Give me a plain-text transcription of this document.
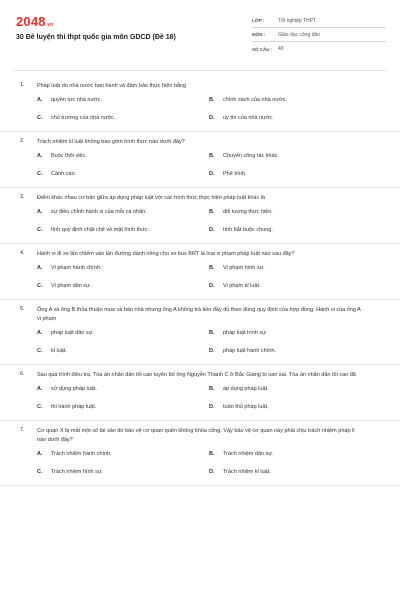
2048.vn
30 Đề luyện thi thpt quốc gia môn GDCD (Đề 18)
LỚP :	Tốt nghiệp THPT
MÔN :	Giáo dục công dân
SỐ CÂU :	40
1. Pháp luật do nhà nước ban hành và đảm bảo thực hiện bằng
A.	quyền lực nhà nước.	B.	chính sách của nhà nước.
C.	chủ trương của nhà nước.	D.	uy tín của nhà nước.
2. Trách nhiệm kỉ luật không bao gồm hình thức nào dưới đây?
A.	Buộc thôi việc.	B.	Chuyển công tác khác.
C.	Cảnh cáo.	D.	Phê bình.
3. Điểm khác nhau cơ bản giữa áp dụng pháp luật với các hình thức thực hiện pháp luật khác là
A.	sự điều chỉnh hành vi của mỗi cá nhân.	B.	đối tượng thực hiện.
C.	tính quy định chặt chẽ về mặt hình thức.	D.	tính bắt buộc chung.
4. Hành vi đi xe lấn chiếm vào làn đường dành riêng cho xe bus BRT là loại vi phạm pháp luật nào sau đây?
A.	Vi phạm hành chính.	B.	Vi phạm hình sự.
C.	Vi phạm dân sự.	D.	Vi phạm kỉ luật.
5. Ông A và ông B thỏa thuận mua và bán nhà nhưng ông A không trả tiền đầy đủ theo đúng quy định của hợp đồng. Hành vi của ông A vi phạm
A.	pháp luật dân sự.	B.	pháp luật hình sự.
C.	kỉ luật.	D.	pháp luật hành chính.
6. Sau quá trình điều tra, Tòa án nhân dân tối cao tuyên bố ông Nguyễn Thanh C ở Bắc Giang bị oan sai. Tòa án nhân dân tối cao đã
A.	sử dụng pháp luật.	B.	áp dụng pháp luật.
C.	thi hành pháp luật.	D.	tuân thủ pháp luật.
7. Cơ quan X bị mất một số tài sản do bảo vệ cơ quan quên không khóa cổng. Vậy bảo vệ cơ quan này phải chịu trách nhiệm pháp lí nào dưới đây?
A.	Trách nhiệm hành chính.	B.	Trách nhiệm dân sự.
C.	Trách nhiệm hình sự.	D.	Trách nhiệm kỉ luật.
